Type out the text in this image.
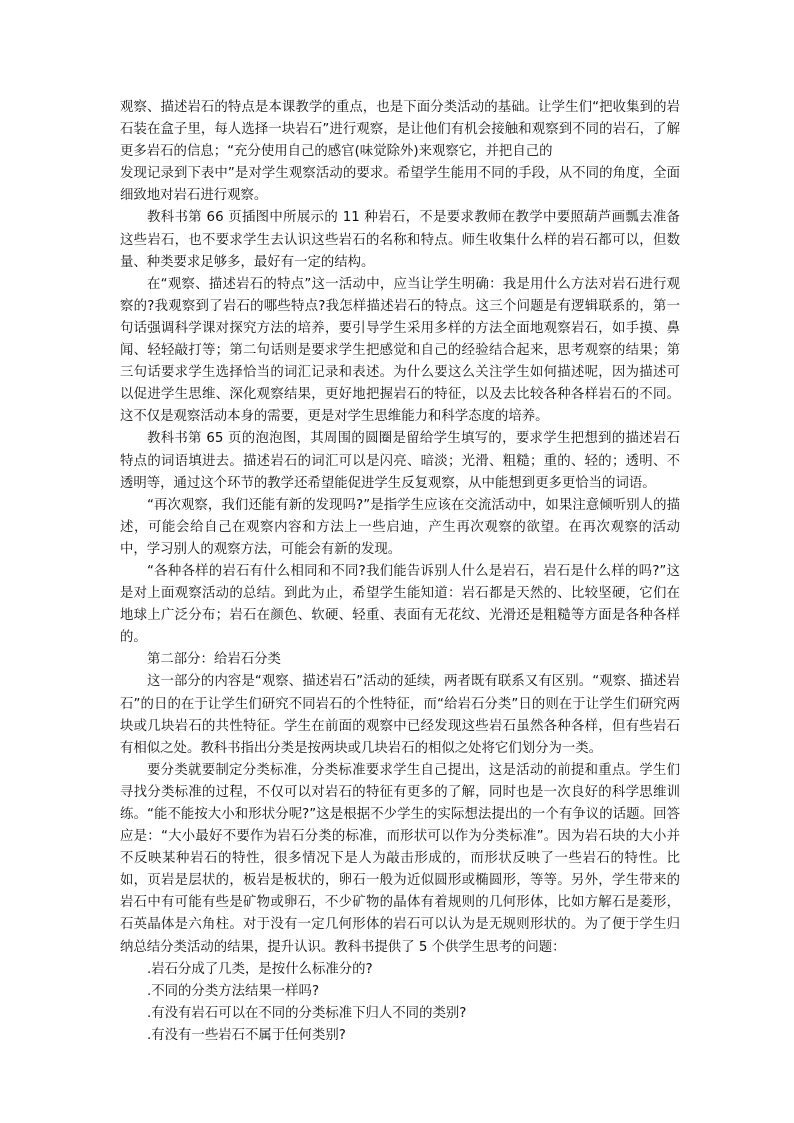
观察、描述岩石的特点是本课教学的重点，也是下面分类活动的基础。让学生们“把收集到的岩石装在盒子里，每人选择一块岩石”进行观察，是让他们有机会接触和观察到不同的岩石，了解更多岩石的信息；“充分使用自己的感官(味觉除外)来观察它，并把自己的

发现记录到下表中”是对学生观察活动的要求。希望学生能用不同的手段，从不同的角度，全面细致地对岩石进行观察。

教科书第 66 页插图中所展示的 11 种岩石，不是要求教师在教学中要照葫芦画瓢去准备这些岩石，也不要求学生去认识这些岩石的名称和特点。师生收集什么样的岩石都可以，但数量、种类要求足够多，最好有一定的结构。

在“观察、描述岩石的特点”这一活动中，应当让学生明确：我是用什么方法对岩石进行观察的?我观察到了岩石的哪些特点?我怎样描述岩石的特点。这三个问题是有逻辑联系的，第一句话强调科学课对探究方法的培养，要引导学生采用多样的方法全面地观察岩石，如手摸、鼻闻、轻轻敲打等；第二句话则是要求学生把感觉和自己的经验结合起来，思考观察的结果；第三句话要求学生选择恰当的词汇记录和表述。为什么要这么关注学生如何描述呢，因为描述可以促进学生思维、深化观察结果，更好地把握岩石的特征，以及去比较各种各样岩石的不同。这不仅是观察活动本身的需要，更是对学生思维能力和科学态度的培养。

教科书第 65 页的泡泡图，其周围的圆圈是留给学生填写的，要求学生把想到的描述岩石特点的词语填进去。描述岩石的词汇可以是闪亮、暗淡；光滑、粗糙；重的、轻的；透明、不透明等，通过这个环节的教学还希望能促进学生反复观察，从中能想到更多更恰当的词语。

“再次观察，我们还能有新的发现吗?”是指学生应该在交流活动中，如果注意倾听别人的描述，可能会给自己在观察内容和方法上一些启迪，产生再次观察的欲望。在再次观察的活动中，学习别人的观察方法，可能会有新的发现。

“各种各样的岩石有什么相同和不同?我们能告诉别人什么是岩石，岩石是什么样的吗?”这是对上面观察活动的总结。到此为止，希望学生能知道：岩石都是天然的、比较坚硬，它们在地球上广泛分布；岩石在颜色、软硬、轻重、表面有无花纹、光滑还是粗糙等方面是各种各样的。

第二部分：给岩石分类

这一部分的内容是“观察、描述岩石”活动的延续，两者既有联系又有区别。“观察、描述岩石”的日的在于让学生们研究不同岩石的个性特征，而“给岩石分类”日的则在于让学生们研究两块或几块岩石的共性特征。学生在前面的观察中已经发现这些岩石虽然各种各样，但有些岩石有相似之处。教科书指出分类是按两块或几块岩石的相似之处将它们划分为一类。

要分类就要制定分类标准，分类标准要求学生自己提出，这是活动的前提和重点。学生们寻找分类标准的过程，不仅可以对岩石的特征有更多的了解，同时也是一次良好的科学思维训练。“能不能按大小和形状分呢?”这是根据不少学生的实际想法提出的一个有争议的话题。回答应是：“大小最好不要作为岩石分类的标准，而形状可以作为分类标准”。因为岩石块的大小并不反映某种岩石的特性，很多情况下是人为敲击形成的，而形状反映了一些岩石的特性。比如，页岩是层状的，板岩是板状的，卵石一般为近似圆形或椭圆形，等等。另外，学生带来的岩石中有可能有些是矿物或卵石，不少矿物的晶体有着规则的几何形体，比如方解石是菱形，石英晶体是六角柱。对于没有一定几何形体的岩石可以认为是无规则形状的。为了便于学生归纳总结分类活动的结果，提升认识。教科书提供了 5 个供学生思考的问题：

.岩石分成了几类，是按什么标准分的?

.不同的分类方法结果一样吗?

.有没有岩石可以在不同的分类标准下归人不同的类别?

.有没有一些岩石不属于任何类别?
